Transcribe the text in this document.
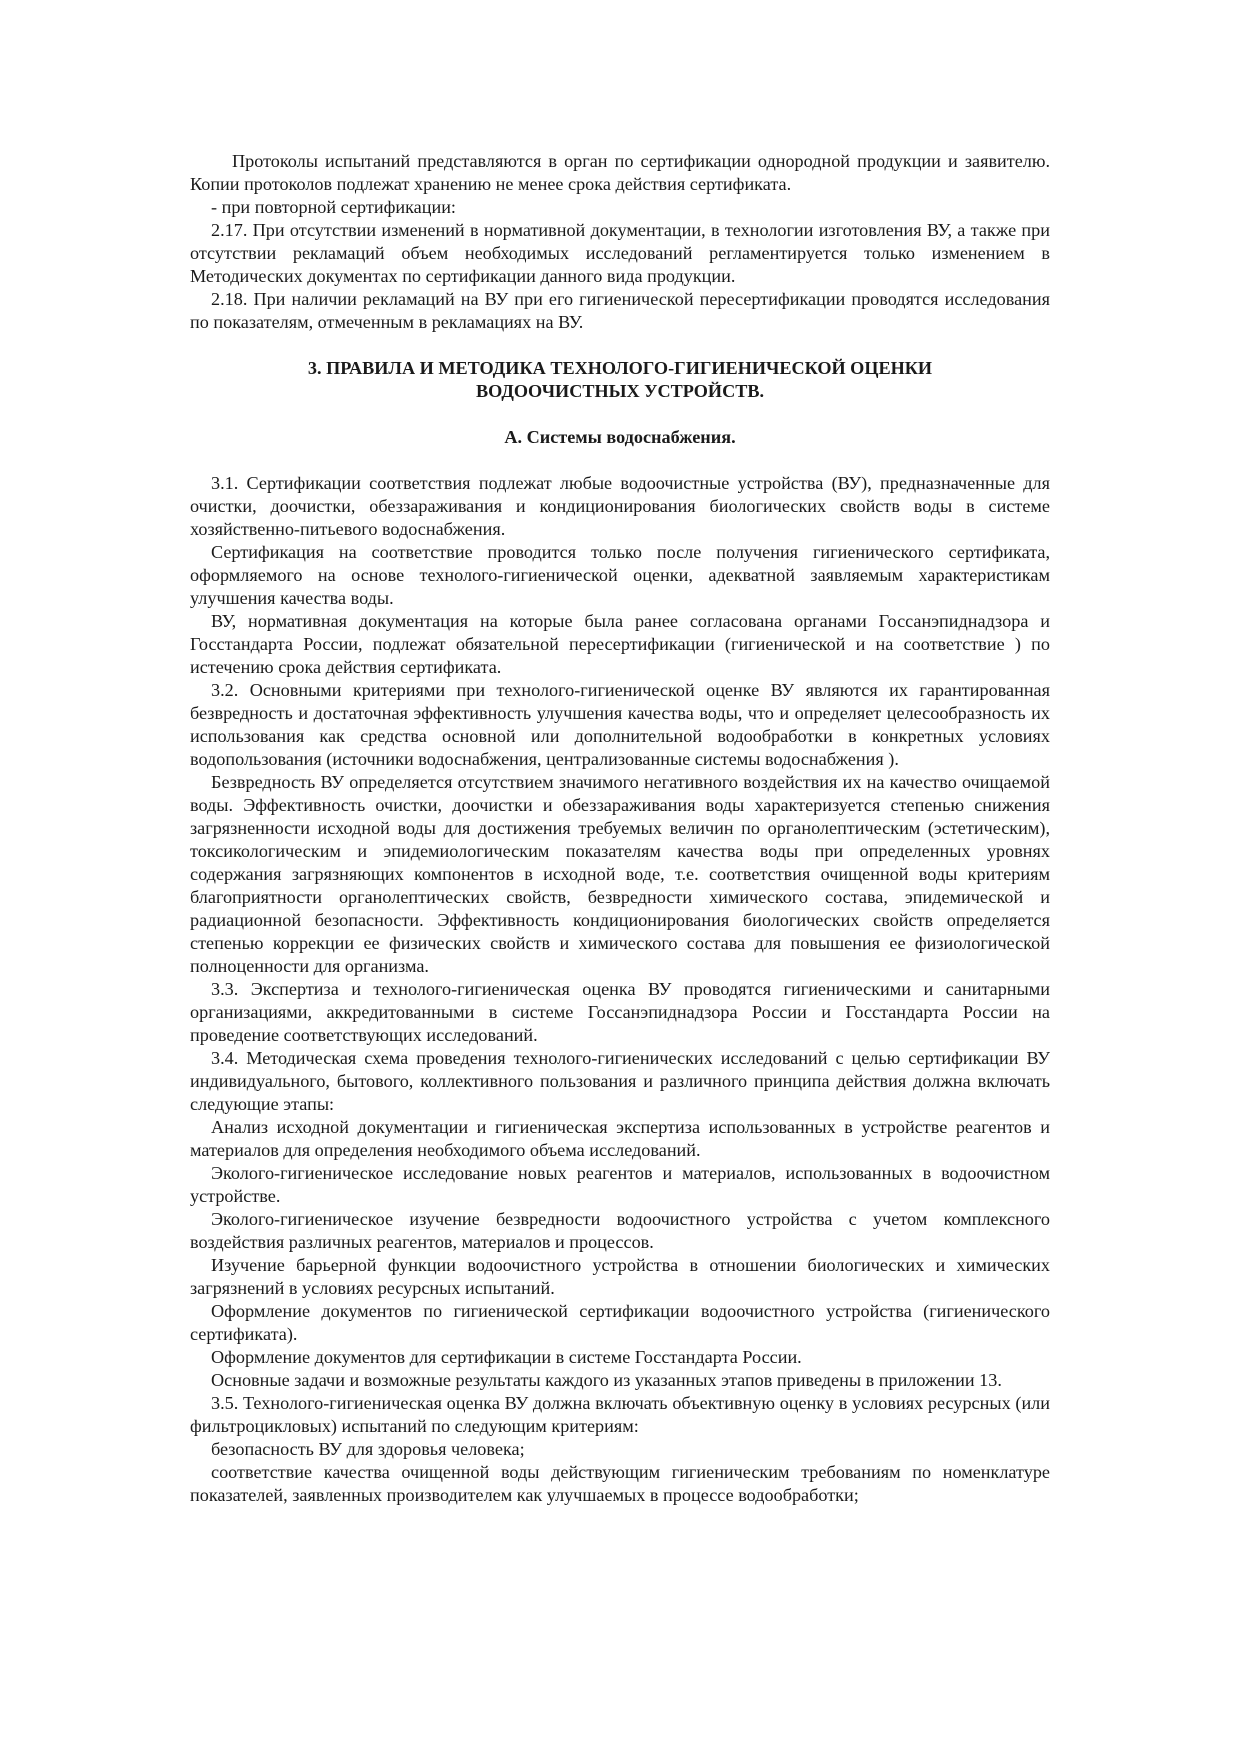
Протоколы испытаний представляются в орган по сертификации однородной продукции и заявителю. Копии протоколов подлежат хранению не менее срока действия сертификата.

- при повторной сертификации:

2.17. При отсутствии изменений в нормативной документации, в технологии изготовления ВУ, а также при отсутствии рекламаций объем необходимых исследований регламентируется только изменением в Методических документах по сертификации данного вида продукции.

2.18. При наличии рекламаций на ВУ при его гигиенической пересертификации проводятся исследования по показателям, отмеченным в рекламациях на ВУ.

3. ПРАВИЛА И МЕТОДИКА ТЕХНОЛОГО-ГИГИЕНИЧЕСКОЙ ОЦЕНКИ ВОДООЧИСТНЫХ УСТРОЙСТВ.

А. Системы водоснабжения.

3.1. Сертификации соответствия подлежат любые водоочистные устройства (ВУ), предназначенные для очистки, доочистки, обеззараживания и кондиционирования биологических свойств воды в системе хозяйственно-питьевого водоснабжения.

Сертификация на соответствие проводится только после получения гигиенического сертификата, оформляемого на основе технолого-гигиенической оценки, адекватной заявляемым характеристикам улучшения качества воды.

ВУ, нормативная документация на которые была ранее согласована органами Госсанэпиднадзора и Госстандарта России, подлежат обязательной пересертификации (гигиенической и на соответствие ) по истечению срока действия сертификата.

3.2. Основными критериями при технолого-гигиенической оценке ВУ являются их гарантированная безвредность и достаточная эффективность улучшения качества воды, что и определяет целесообразность их использования как средства основной или дополнительной водообработки в конкретных условиях водопользования (источники водоснабжения, централизованные системы водоснабжения ).

Безвредность ВУ определяется отсутствием значимого негативного воздействия их на качество очищаемой воды. Эффективность очистки, доочистки и обеззараживания воды характеризуется степенью снижения загрязненности исходной воды для достижения требуемых величин по органолептическим (эстетическим), токсикологическим и эпидемиологическим показателям качества воды при определенных уровнях содержания загрязняющих компонентов в исходной воде, т.е. соответствия очищенной воды критериям благоприятности органолептических свойств, безвредности химического состава, эпидемической и радиационной безопасности. Эффективность кондиционирования биологических свойств определяется степенью коррекции ее физических свойств и химического состава для повышения ее физиологической полноценности для организма.

3.3. Экспертиза и технолого-гигиеническая оценка ВУ проводятся гигиеническими и санитарными организациями, аккредитованными в системе Госсанэпиднадзора России и Госстандарта России на проведение соответствующих исследований.

3.4. Методическая схема проведения технолого-гигиенических исследований с целью сертификации ВУ индивидуального, бытового, коллективного пользования и различного принципа действия должна включать следующие этапы:

Анализ исходной документации и гигиеническая экспертиза использованных в устройстве реагентов и материалов для определения необходимого объема исследований.

Эколого-гигиеническое исследование новых реагентов и материалов, использованных в водоочистном устройстве.

Эколого-гигиеническое изучение безвредности водоочистного устройства с учетом комплексного воздействия различных реагентов, материалов и процессов.

Изучение барьерной функции водоочистного устройства в отношении биологических и химических загрязнений в условиях ресурсных испытаний.

Оформление документов по гигиенической сертификации водоочистного устройства (гигиенического сертификата).

Оформление документов для сертификации в системе Госстандарта России.

Основные задачи и возможные результаты каждого из указанных этапов приведены в приложении 13.

3.5. Технолого-гигиеническая оценка ВУ должна включать объективную оценку в условиях ресурсных (или фильтроцикловых) испытаний по следующим критериям:

безопасность ВУ для здоровья человека;

соответствие качества очищенной воды действующим гигиеническим требованиям по номенклатуре показателей, заявленных производителем как улучшаемых в процессе водообработки;
